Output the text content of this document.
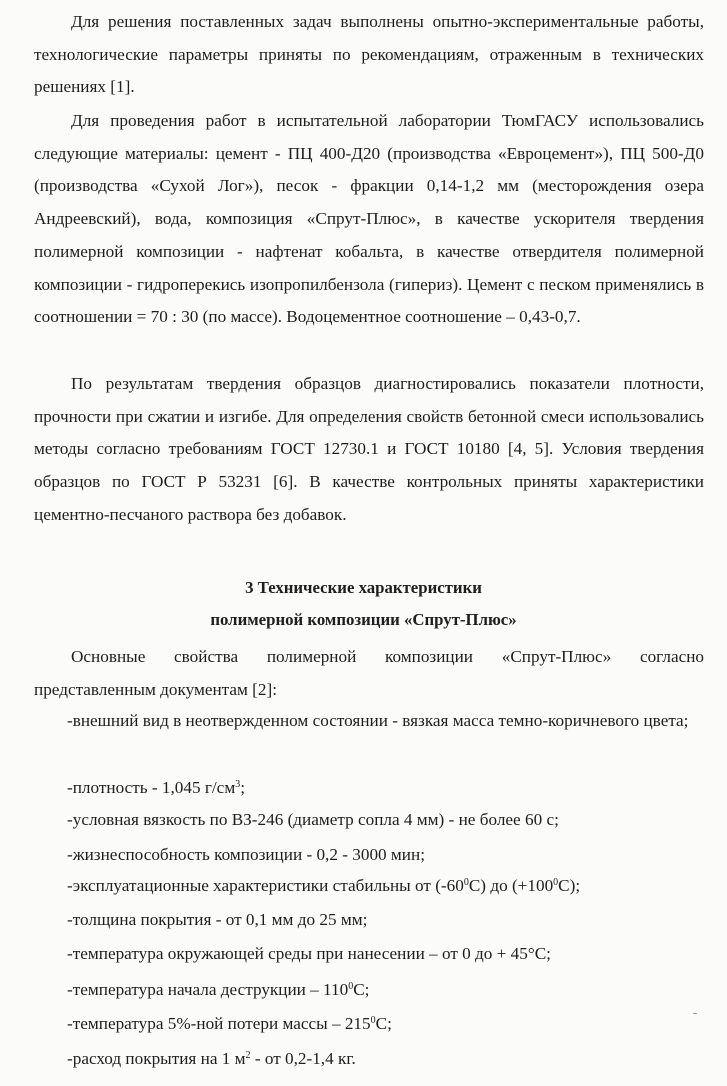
Для решения поставленных задач выполнены опытно-экспериментальные работы, технологические параметры приняты по рекомендациям, отраженным в технических решениях [1].

Для проведения работ в испытательной лаборатории ТюмГАСУ использовались следующие материалы: цемент - ПЦ 400-Д20 (производства «Евроцемент»), ПЦ 500-Д0 (производства «Сухой Лог»), песок - фракции 0,14-1,2 мм (месторождения озера Андреевский), вода, композиция «Спрут-Плюс», в качестве ускорителя твердения полимерной композиции - нафтенат кобальта, в качестве отвердителя полимерной композиции - гидроперекись изопропилбензола (гипериз). Цемент с песком применялись в соотношении = 70 : 30 (по массе). Водоцементное соотношение – 0,43-0,7.

По результатам твердения образцов диагностировались показатели плотности, прочности при сжатии и изгибе. Для определения свойств бетонной смеси использовались методы согласно требованиям ГОСТ 12730.1 и ГОСТ 10180 [4, 5]. Условия твердения образцов по ГОСТ Р 53231 [6]. В качестве контрольных приняты характеристики цементно-песчаного раствора без добавок.

3 Технические характеристики

полимерной композиции «Спрут-Плюс»

Основные свойства полимерной композиции «Спрут-Плюс» согласно представленным документам [2]:

-внешний вид в неотвержденном состоянии - вязкая масса темно-коричневого цвета;

-плотность - 1,045 $г/см^3$;

-условная вязкость по ВЗ-246 (диаметр сопла 4 мм) - не более 60 с;

-жизнеспособность композиции - 0,2 - 3000 мин;

-эксплуатационные характеристики стабильны от $(-60^0С)$ до $(+100^0С)$;

-толщина покрытия - от 0,1 мм до 25 мм;

-температура окружающей среды при нанесении – от 0 до + 45°С;

-температура начала деструкции – $110^0С$;

-температура 5%-ной потери массы – $215^0С$;

-расход покрытия на 1 $м^2$ - от 0,2-1,4 кг.

ˉ
